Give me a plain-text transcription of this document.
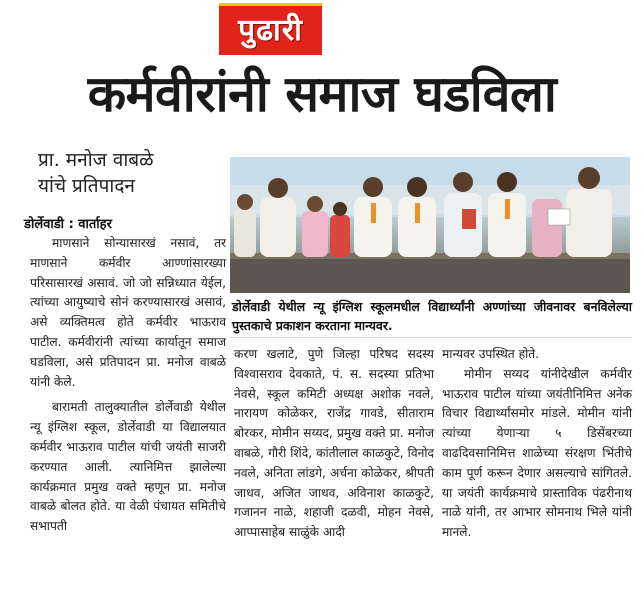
पुढारी
कर्मवीरांनी समाज घडविला
प्रा. मनोज वाबळे
यांचे प्रतिपादन
डोर्लेवाडी : वार्ताहर

माणसाने सोन्यासारखं नसावं, तर माणसाने कर्मवीर आण्णांसारख्या परिसासारखं असावं. जो जो सन्निध्यात येईल, त्यांच्या आयुष्याचे सोनं करण्यासारखं असावं, असे व्यक्तिमत्व होते कर्मवीर भाऊराव पाटील. कर्मवीरांनी त्यांच्या कार्यातून समाज घडविला, असे प्रतिपादन प्रा. मनोज वाबळे यांनी केले.

बारामती तालुक्यातील डोर्लेवाडी येथील न्यू इंग्लिश स्कूल, डोर्लेवाडी या विद्यालयात कर्मवीर भाऊराव पाटील यांची जयंती साजरी करण्यात आली. त्यानिमित्त झालेल्या कार्यक्रमात प्रमुख वक्ते म्हणून प्रा. मनोज वाबळे बोलत होते. या वेळी पंचायत समितीचे सभापती

डोर्लेवाडी येथील न्यू इंग्लिश स्कूलमधील विद्यार्थ्यांनी अण्णांच्या जीवनावर बनविलेल्या पुस्तकाचे प्रकाशन करताना मान्यवर.

करण खलाटे, पुणे जिल्हा परिषद सदस्य विश्वासराव देवकाते, पं. स. सदस्या प्रतिभा नेवसे, स्कूल कमिटी अध्यक्ष अशोक नवले, नारायण कोळेकर, राजेंद्र गावडे, सीताराम बोरकर, मोमीन सय्यद, प्रमुख वक्ते प्रा. मनोज वाबळे, गौरी शिंदे, कांतीलाल काळकुटे, विनोद नवले, अनिता लांडगे, अर्चना कोळेकर, श्रीपती जाधव, अजित जाधव, अविनाश काळकुटे, गजानन नाळे, शहाजी दळवी, मोहन नेवसे, आप्पासाहेब साळुंके आदी

मान्यवर उपस्थित होते.

मोमीन सय्यद यांनीदेखील कर्मवीर भाऊराव पाटील यांच्या जयंतीनिमित्त अनेक विचार विद्यार्थ्यांसमोर मांडले. मोमीन यांनी त्यांच्या येणाऱ्या ५ डिसेंबरच्या वाढदिवसानिमित्त शाळेच्या संरक्षण भिंतीचे काम पूर्ण करून देणार असल्याचे सांगितले. या जयंती कार्यक्रमाचे प्रास्ताविक पंढरीनाथ नाळे यांनी, तर आभार सोमनाथ भिले यांनी मानले.
